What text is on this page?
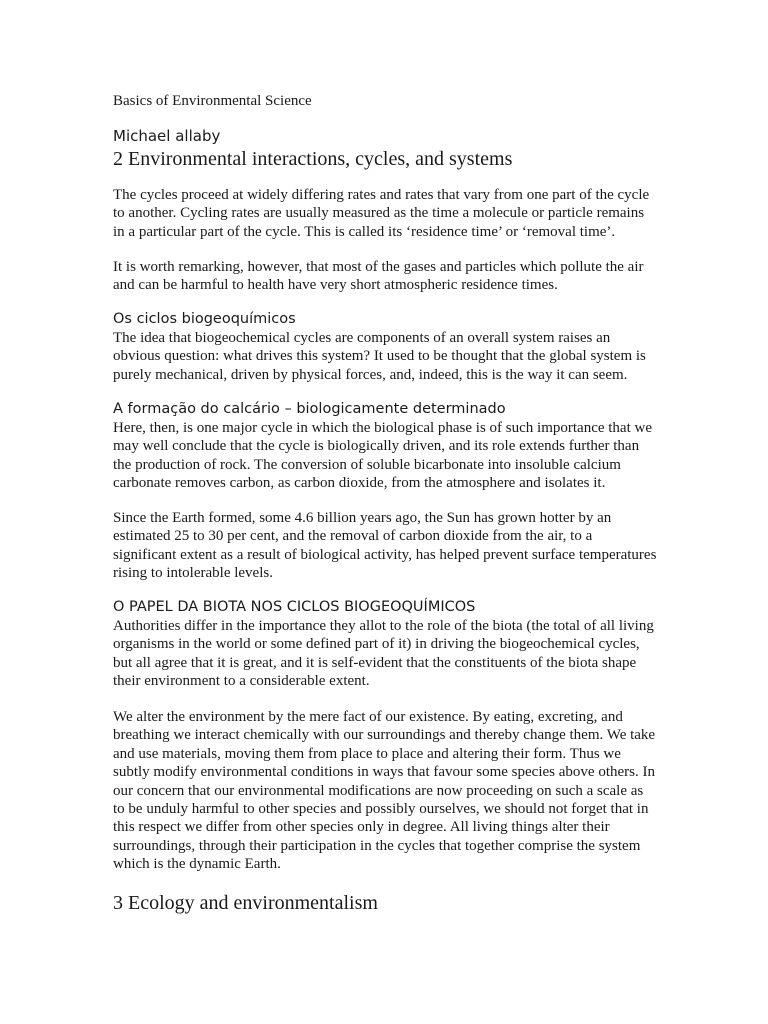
Basics of Environmental Science
Michael allaby
2 Environmental interactions, cycles, and systems
The cycles proceed at widely differing rates and rates that vary from one part of the cycle to another. Cycling rates are usually measured as the time a molecule or particle remains in a particular part of the cycle. This is called its ‘residence time’ or ‘removal time’.
It is worth remarking, however, that most of the gases and particles which pollute the air and can be harmful to health have very short atmospheric residence times.
Os ciclos biogeoquímicos
The idea that biogeochemical cycles are components of an overall system raises an obvious question: what drives this system? It used to be thought that the global system is purely mechanical, driven by physical forces, and, indeed, this is the way it can seem.
A formação do calcário – biologicamente determinado
Here, then, is one major cycle in which the biological phase is of such importance that we may well conclude that the cycle is biologically driven, and its role extends further than the production of rock. The conversion of soluble bicarbonate into insoluble calcium carbonate removes carbon, as carbon dioxide, from the atmosphere and isolates it.
Since the Earth formed, some 4.6 billion years ago, the Sun has grown hotter by an estimated 25 to 30 per cent, and the removal of carbon dioxide from the air, to a significant extent as a result of biological activity, has helped prevent surface temperatures rising to intolerable levels.
O PAPEL DA BIOTA NOS CICLOS BIOGEOQUÍMICOS
Authorities differ in the importance they allot to the role of the biota (the total of all living organisms in the world or some defined part of it) in driving the biogeochemical cycles, but all agree that it is great, and it is self-evident that the constituents of the biota shape their environment to a considerable extent.
We alter the environment by the mere fact of our existence. By eating, excreting, and breathing we interact chemically with our surroundings and thereby change them. We take and use materials, moving them from place to place and altering their form. Thus we subtly modify environmental conditions in ways that favour some species above others. In our concern that our environmental modifications are now proceeding on such a scale as to be unduly harmful to other species and possibly ourselves, we should not forget that in this respect we differ from other species only in degree. All living things alter their surroundings, through their participation in the cycles that together comprise the system which is the dynamic Earth.
3 Ecology and environmentalism
